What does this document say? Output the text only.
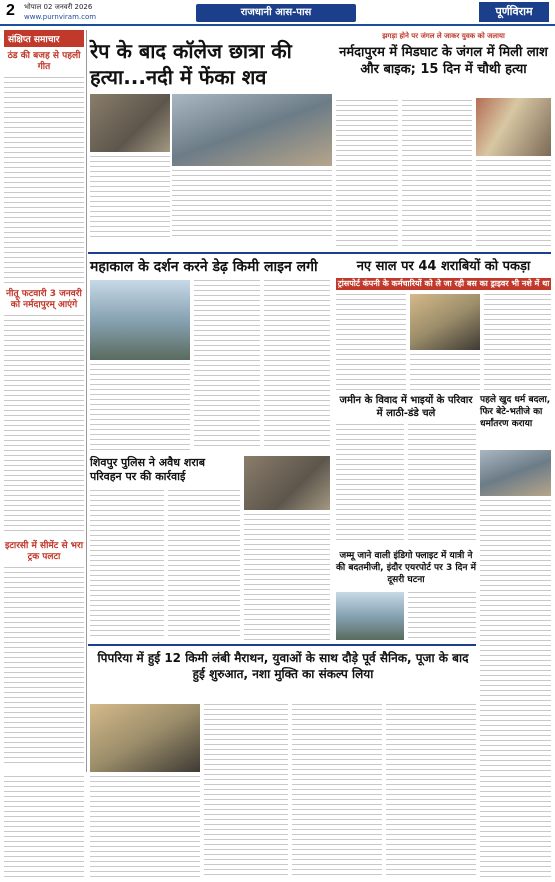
2 भोपाल 02 जनवरी 2026
www.purnviram.com	राजधानी आस-पास	पूर्णविराम
संक्षिप्त समाचार
ठंड की बजह से पहली गीत
नीतू फटवारी 3 जनवरी को नर्मदापुरम् आएंगे
इटारसी में सीमेंट से भरा ट्रक पलटा
रेप के बाद कॉलेज छात्रा की हत्या...नदी में फेंका शव
झगड़ा होने पर जंगल ले जाकर युवक को जलाया
नर्मदापुरम में मिडघाट के जंगल में मिली लाश और बाइक; 15 दिन में चौथी हत्या
महाकाल के दर्शन करने डेढ़ किमी लाइन लगी	नए साल पर 44 शराबियों को पकड़ा
ट्रांसपोर्ट कंपनी के कर्मचारियों को ले जा रही बस का ड्राइवर भी नशे में था
जमीन के विवाद में भाइयों के परिवार में लाठी-डंडे चले
पहले खुद धर्म बदला, फिर बेटे-भतीजे का धर्मांतरण कराया
शिवपुर पुलिस ने अवैध शराब परिवहन पर की कार्रवाई
जम्मू जाने वाली इंडिगो फ्लाइट में यात्री ने की बदतमीजी, इंदौर एयरपोर्ट पर 3 दिन में दूसरी घटना
पिपरिया में हुई 12 किमी लंबी मैराथन, युवाओं के साथ दौड़े पूर्व सैनिक, पूजा के बाद हुई शुरुआत, नशा मुक्ति का संकल्प लिया
